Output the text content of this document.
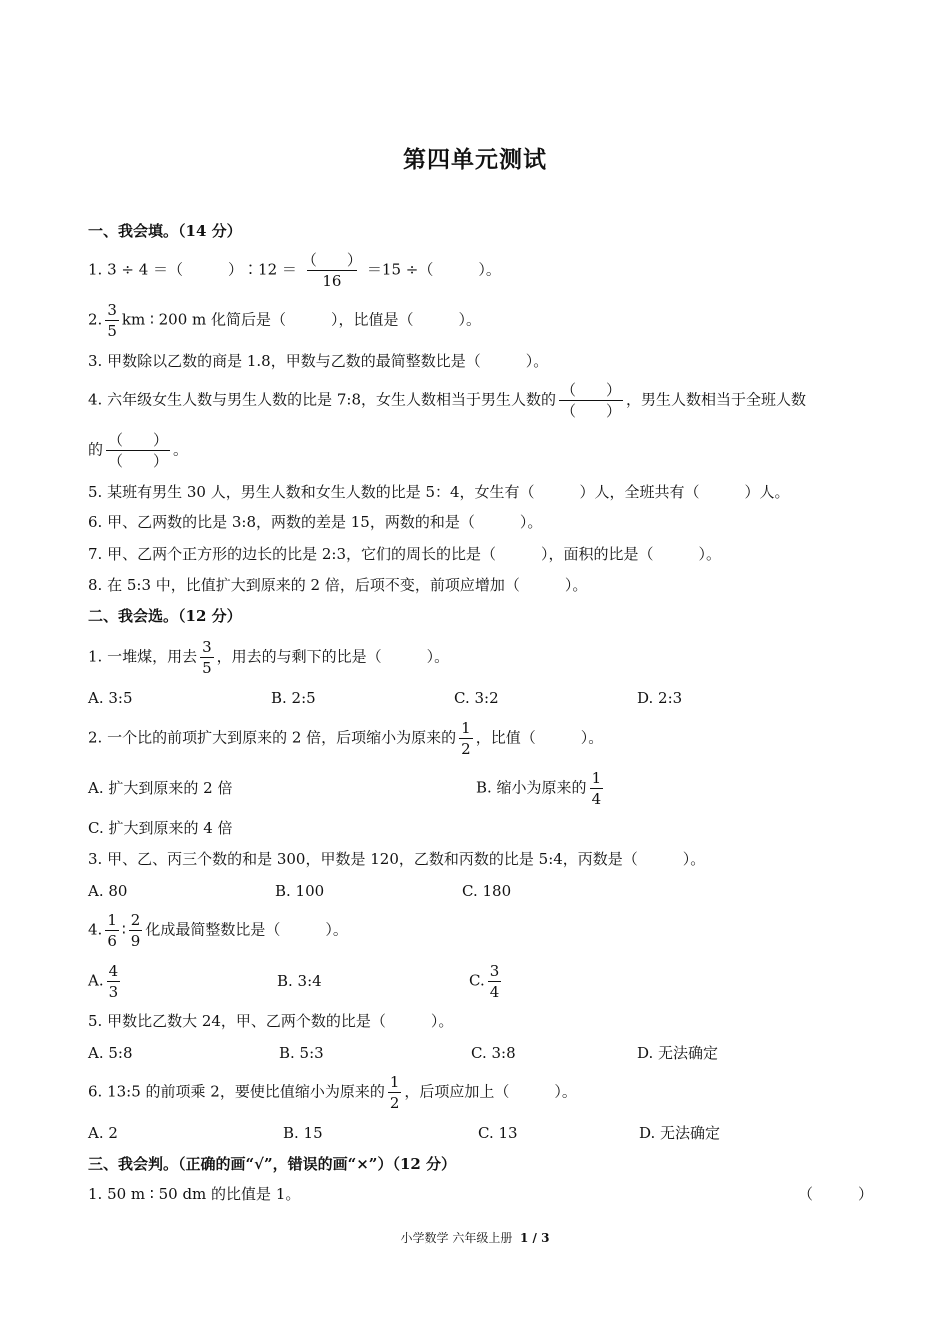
第四单元测试
一、我会填。（14 分）
1. 3 ÷ 4 ＝（　　　）∶12 ＝ $\frac{( )}{16} =15$ ÷（　　　）。
2. $\frac{3}{5}$ km ∶ 200 m 化简后是（　　　），比值是（　　　）。
3. 甲数除以乙数的商是 1.8，甲数与乙数的最简整数比是（　　　）。
4. 六年级女生人数与男生人数的比是 7:8，女生人数相当于男生人数的 $\frac{( )}{( )}$ ，男生人数相当于全班人数
的 $\frac{( )}{( )}$ 。
5. 某班有男生 30 人，男生人数和女生人数的比是 5：4，女生有（　　　）人，全班共有（　　　）人。
6. 甲、乙两数的比是 3:8，两数的差是 15，两数的和是（　　　）。
7. 甲、乙两个正方形的边长的比是 2:3，它们的周长的比是（　　　），面积的比是（　　　）。
8. 在 5:3 中，比值扩大到原来的 2 倍，后项不变，前项应增加（　　　）。
二、我会选。（12 分）
1. 一堆煤，用去 $\frac{3}{5}$ ，用去的与剩下的比是（　　　）。
A. 3:5	B. 2:5	C. 3:2	D. 2:3
2. 一个比的前项扩大到原来的 2 倍，后项缩小为原来的 $\frac{1}{2}$ ，比值（　　　）。
A. 扩大到原来的 2 倍	B. 缩小为原来的 $\frac{1}{4}$
C. 扩大到原来的 4 倍
3. 甲、乙、丙三个数的和是 300，甲数是 120，乙数和丙数的比是 5:4，丙数是（　　　）。
A. 80	B. 100	C. 180
4. $\frac{1}{6}$ ∶ $\frac{2}{9}$ 化成最简整数比是（　　　）。
A. $\frac{4}{3}$	B. 3:4	C. $\frac{3}{4}$
5. 甲数比乙数大 24，甲、乙两个数的比是（　　　）。
A. 5:8	B. 5:3	C. 3:8	D. 无法确定
6. 13:5 的前项乘 2，要使比值缩小为原来的 $\frac{1}{2}$ ，后项应加上（　　　）。
A. 2	B. 15	C. 13	D. 无法确定
三、我会判。（正确的画“√”，错误的画“×”）（12 分）
1. 50 m ∶ 50 dm 的比值是 1。	（　　　）
小学数学 六年级上册 1 / 3
